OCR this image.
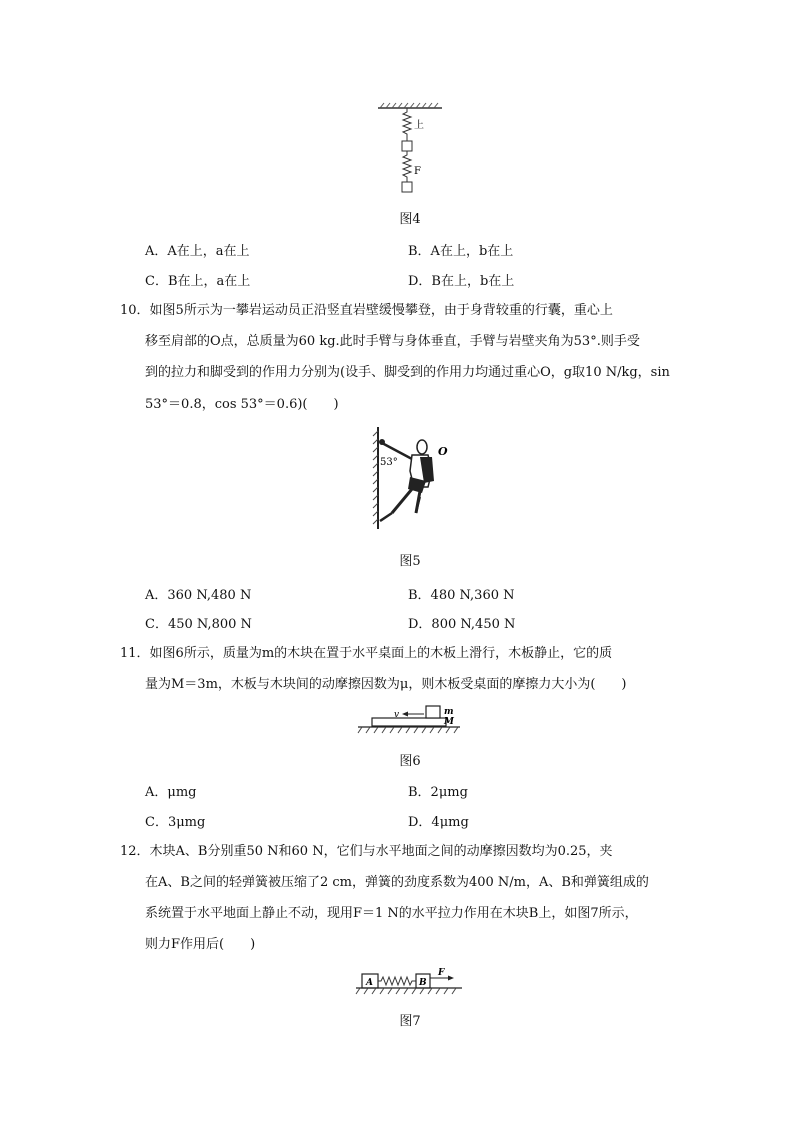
上
F
图4
A．A在上，a在上	B．A在上，b在上
C．B在上，a在上	D．B在上，b在上
10．如图5所示为一攀岩运动员正沿竖直岩壁缓慢攀登，由于身背较重的行囊，重心上
移至肩部的O点，总质量为60 kg.此时手臂与身体垂直，手臂与岩壁夹角为53°.则手受
到的拉力和脚受到的作用力分别为(设手、脚受到的作用力均通过重心O，g取10 N/kg，sin
53°＝0.8，cos 53°＝0.6)(　　)
53°
O
图5
A．360 N,480 N	B．480 N,360 N
C．450 N,800 N	D．800 N,450 N
11．如图6所示，质量为m的木块在置于水平桌面上的木板上滑行，木板静止，它的质
量为M＝3m，木板与木块间的动摩擦因数为μ，则木板受桌面的摩擦力大小为(　　)
v	m
M
图6
A．μmg	B．2μmg
C．3μmg	D．4μmg
12．木块A、B分别重50 N和60 N，它们与水平地面之间的动摩擦因数均为0.25，夹
在A、B之间的轻弹簧被压缩了2 cm，弹簧的劲度系数为400 N/m，A、B和弹簧组成的
系统置于水平地面上静止不动，现用F＝1 N的水平拉力作用在木块B上，如图7所示，
则力F作用后(　　)
A	B
F
图7
